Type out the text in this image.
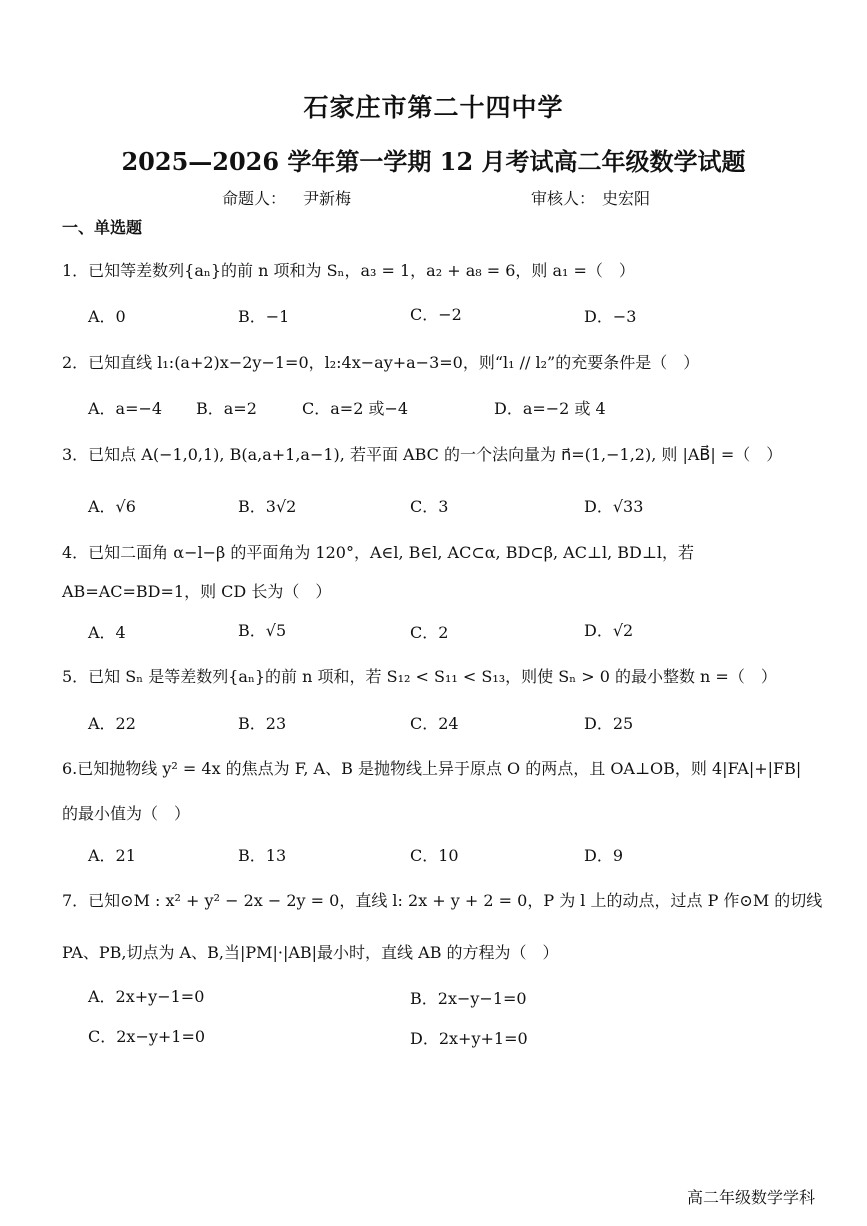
石家庄市第二十四中学
2025—2026 学年第一学期 12 月考试高二年级数学试题
命题人： 尹新梅	审核人： 史宏阳
一、单选题
1．已知等差数列{aₙ}的前 n 项和为 Sₙ，a₃ = 1，a₂ + a₈ = 6，则 a₁ =（　）
A．0	B．−1	C．−2	D．−3
2．已知直线 l₁:(a+2)x−2y−1=0，l₂:4x−ay+a−3=0，则“l₁ // l₂”的充要条件是（　）
A．a=−4 B．a=2	C．a=2 或−4	D．a=−2 或 4
3．已知点 A(−1,0,1), B(a,a+1,a−1), 若平面 ABC 的一个法向量为 n⃗=(1,−1,2), 则 |AB⃗| =（　）
A．√6	B．3√2	C．3	D．√33
4．已知二面角 α−l−β 的平面角为 120°，A∈l, B∈l, AC⊂α, BD⊂β, AC⊥l, BD⊥l，若
AB=AC=BD=1，则 CD 长为（　）
A．4	B．√5	C．2	D．√2
5．已知 Sₙ 是等差数列{aₙ}的前 n 项和，若 S₁₂ < S₁₁ < S₁₃，则使 Sₙ > 0 的最小整数 n =（　）
A．22	B．23	C．24	D．25
6.已知抛物线 y² = 4x 的焦点为 F, A、B 是抛物线上异于原点 O 的两点，且 OA⊥OB，则 4|FA|+|FB|
的最小值为（　）
A．21	B．13	C．10	D．9
7．已知⊙M : x² + y² − 2x − 2y = 0，直线 l: 2x + y + 2 = 0，P 为 l 上的动点，过点 P 作⊙M 的切线
PA、PB,切点为 A、B,当|PM|·|AB|最小时，直线 AB 的方程为（　）
A．2x+y−1=0	B．2x−y−1=0
C．2x−y+1=0	D．2x+y+1=0
高二年级数学学科
